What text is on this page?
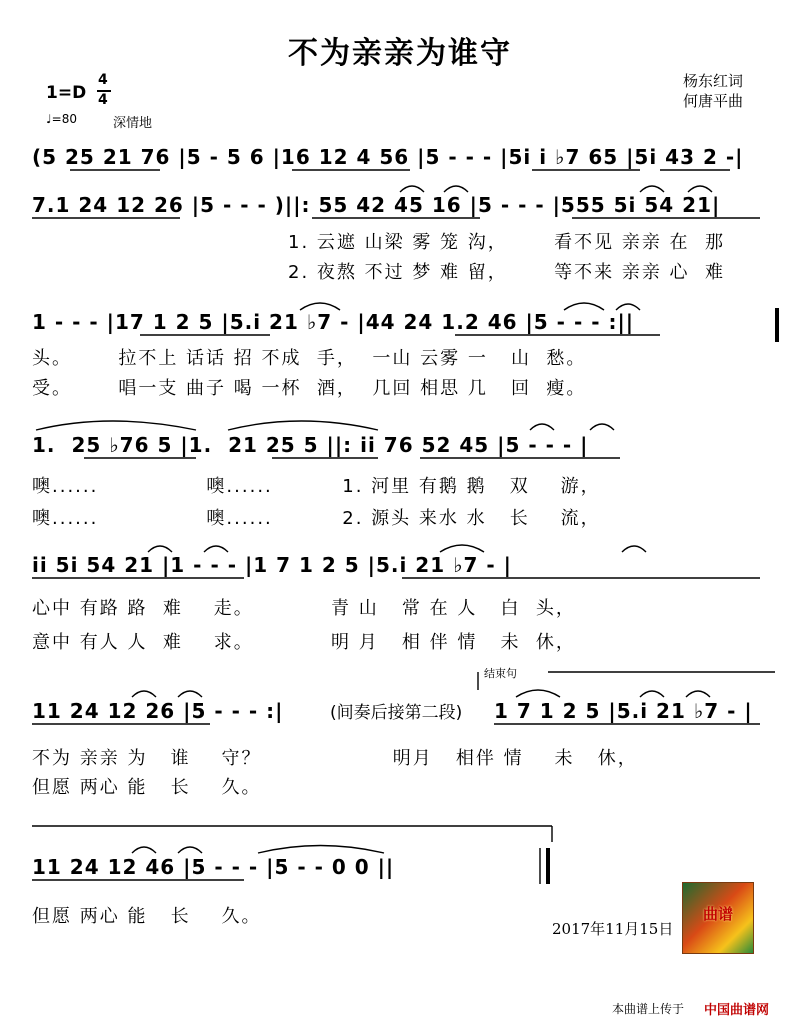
不为亲亲为谁守
杨东红词
何唐平曲
1=D
4
4
♩=80	深情地
(5 25 21 76 |5 - 5 6 |16 12 4 56 |5 - - - |5i i ♭7 65 |5i 43 2 -|
7.1 24 12 26 |5 - - - )||: 55 42 45 16 |5 - - - |555 5i 54 21|
1. 云遮 山梁 雾 笼 沟，      看不见 亲亲 在  那
2. 夜熬 不过 梦 难 留，      等不来 亲亲 心  难
1 - - - |17 1 2 5 |5.i 21 ♭7 - |44 24 1.2 46 |5 - - - :||
头。      拉不上 话话 招 不成  手，  一山 云雾 一   山  愁。
受。      唱一支 曲子 喝 一杯  酒，  几回 相思 几   回  瘦。
1.  25 ♭76 5 |1.  21 25 5 ||: ii 76 52 45 |5 - - - |
噢......              噢......         1. 河里 有鹅 鹅   双    游，
噢......              噢......         2. 源头 来水 水   长    流，
ii 5i 54 21 |1 - - - |1 7 1 2 5 |5.i 21 ♭7 - |
心中 有路 路  难    走。          青 山   常 在 人   白  头，
意中 有人 人  难    求。          明 月   相 伴 情   未  休，
结束句
11 24 12 26 |5 - - - :|	(间奏后接第二段) 1 7 1 2 5 |5.i 21 ♭7 - |
不为 亲亲 为   谁    守？                 明月   相伴 情    未   休，
但愿 两心 能   长    久。
11 24 12 46 |5 - - - |5 - - 0 0 ||
但愿 两心 能   长    久。
2017年11月15日
曲谱
本曲谱上传于 中国曲谱网
